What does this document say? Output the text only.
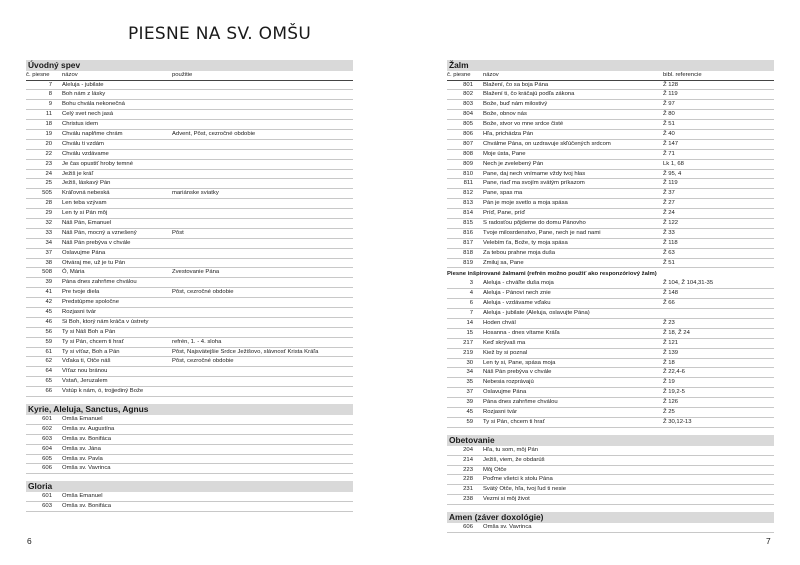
PIESNE NA SV. OMŠU
Úvodný spev
č. piesne	názov	použitie
7	Aleluja - jubilate
8	Boh nám z lásky
9	Bohu chvála nekonečná
11	Celý svet nech jasá
18	Christus idem
19	Chválu naplňme chrám	Advent, Pôst, cezročné obdobie
20	Chválu ti vzdám
22	Chválu vzdávame
23	Je čas opustiť hroby temné
24	Ježiš je kráľ
25	Ježiš, láskavý Pán
505	Kráľovná nebeská	mariánske sviatky
28	Len teba vzývam
29	Len ty si Pán môj
32	Náš Pán, Emanuel
33	Náš Pán, mocný a vznešený	Pôst
34	Náš Pán prebýva v chvále
37	Oslavujme Pána
38	Otváraj me, už je tu Pán
508	Ó, Mária	Zvestovanie Pána
39	Pána dnes zahrňme chválou
41	Pre tvoje diela	Pôst, cezročné obdobie
42	Predstúpme spoločne
45	Rozjasni tvár
46	Si Boh, ktorý nám kráča v ústrety
56	Ty si Náš Boh a Pán
59	Ty si Pán, chcem ti hrať	refrén, 1. - 4. sloha
61	Ty si víťaz, Boh a Pán	Pôst, Najsvätejšie Srdce Ježišovo, slávnosť Krista Kráľa
62	Vďaka ti, Otče náš	Pôst, cezročné obdobie
64	Víťaz nou bránou
65	Vstaň, Jeruzalem
66	Vstúp k nám, ó, trojjediný Bože
Kyrie, Aleluja, Sanctus, Agnus
601	Omša Emanuel
602	Omša sv. Augustína
603	Omša sv. Bonifáca
604	Omša sv. Jána
605	Omša sv. Pavla
606	Omša sv. Vavrinca
Gloria
601	Omša Emanuel
603	Omša sv. Bonifáca
Žalm
č. piesne	názov	bibl. referencie
801	Blažení, čo sa boja Pána	Ž 128
802	Blažení ti, čo kráčajú podľa zákona	Ž 119
803	Bože, buď nám milostivý	Ž 97
804	Bože, obnov nás	Ž 80
805	Bože, stvor vo mne srdce čisté	Ž 51
806	Hľa, prichádza Pán	Ž 40
807	Chválme Pána, on uzdravuje skľúčených srdcom	Ž 147
808	Moje ústa, Pane	Ž 71
809	Nech je zvelebený Pán	Lk 1, 68
810	Pane, daj nech vnímame vždy tvoj hlas	Ž 95, 4
811	Pane, riaď ma svojím svätým príkazom	Ž 119
812	Pane, spas ma	Ž 37
813	Pán je moje svetlo a moja spása	Ž 27
814	Príď, Pane, príď	Ž 24
815	S radosťou pôjdeme do domu Pánovho	Ž 122
816	Tvoje milosrdenstvo, Pane, nech je nad nami	Ž 33
817	Velebím ťa, Bože, ty moja spása	Ž 118
818	Za tebou prahne moja duša	Ž 63
819	Zmiluj sa, Pane	Ž 51
Piesne inšpirované žalmami (refrén možno použiť ako responzóriový žalm)
3	Aleluja - chváľte duša moja	Ž 104, Ž 104,31-35
4	Aleluja - Pánovi nech znie	Ž 148
6	Aleluja - vzdávame vďaku	Ž 66
7	Aleluja - jubilate (Aleluja, oslavujte Pána)
14	Hoden chvál	Ž 23
15	Hosanna - dnes vítame Kráľa	Ž 18, Ž 24
217	Keď skrývaš ma	Ž 121
219	Kiež by si poznal	Ž 139
30	Len ty si, Pane, spása moja	Ž 18
34	Náš Pán prebýva v chvále	Ž 22,4-6
35	Nebesia rozprávajú	Ž 19
37	Oslavujme Pána	Ž 19,2-5
39	Pána dnes zahrňme chválou	Ž 126
45	Rozjasni tvár	Ž 25
59	Ty si Pán, chcem ti hrať	Ž 30,12-13
Obetovanie
204	Hľa, tu som, môj Pán
214	Ježiš, viem, že obdarúš
223	Môj Otče
228	Poďme všetci k stolu Pána
231	Svätý Otče, hľa, tvoj ľud ti nesie
238	Vezmi si môj život
Amen (záver doxológie)
606	Omša sv. Vavrinca
6	7
